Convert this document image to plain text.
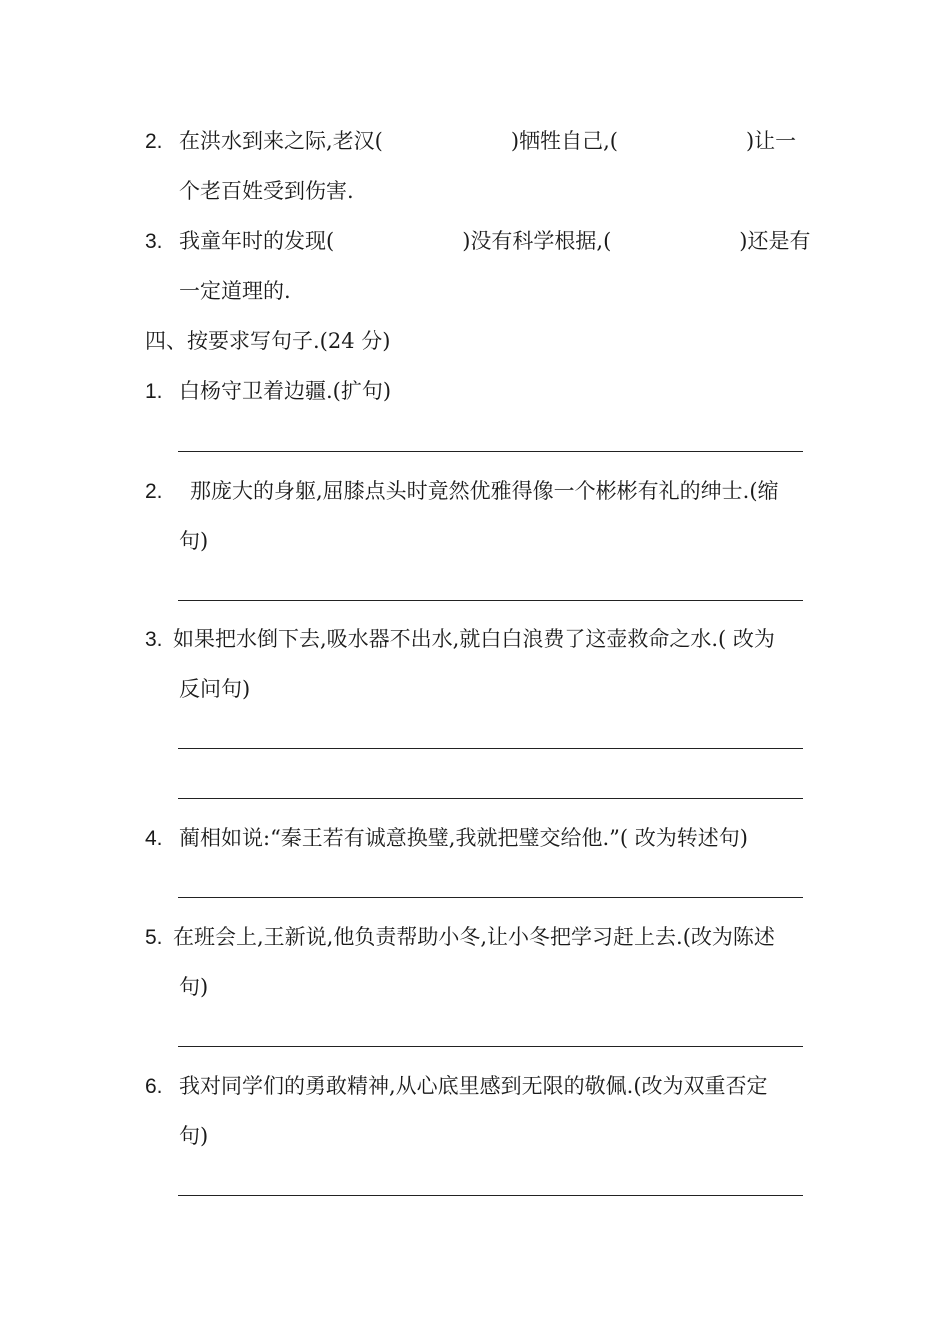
2. 在洪水到来之际,老汉(	)牺牲自己,(	)让一
个老百姓受到伤害.
3. 我童年时的发现(	)没有科学根据,(	)还是有
一定道理的.
四、按要求写句子.(24 分)
1. 白杨守卫着边疆.(扩句)
2. 那庞大的身躯,屈膝点头时竟然优雅得像一个彬彬有礼的绅士.(缩
句)
3. 如果把水倒下去,吸水器不出水,就白白浪费了这壶救命之水.( 改为
反问句)
4. 蔺相如说:“秦王若有诚意换璧,我就把璧交给他.”( 改为转述句)
5. 在班会上,王新说,他负责帮助小冬,让小冬把学习赶上去.(改为陈述
句)
6. 我对同学们的勇敢精神,从心底里感到无限的敬佩.(改为双重否定
句)
